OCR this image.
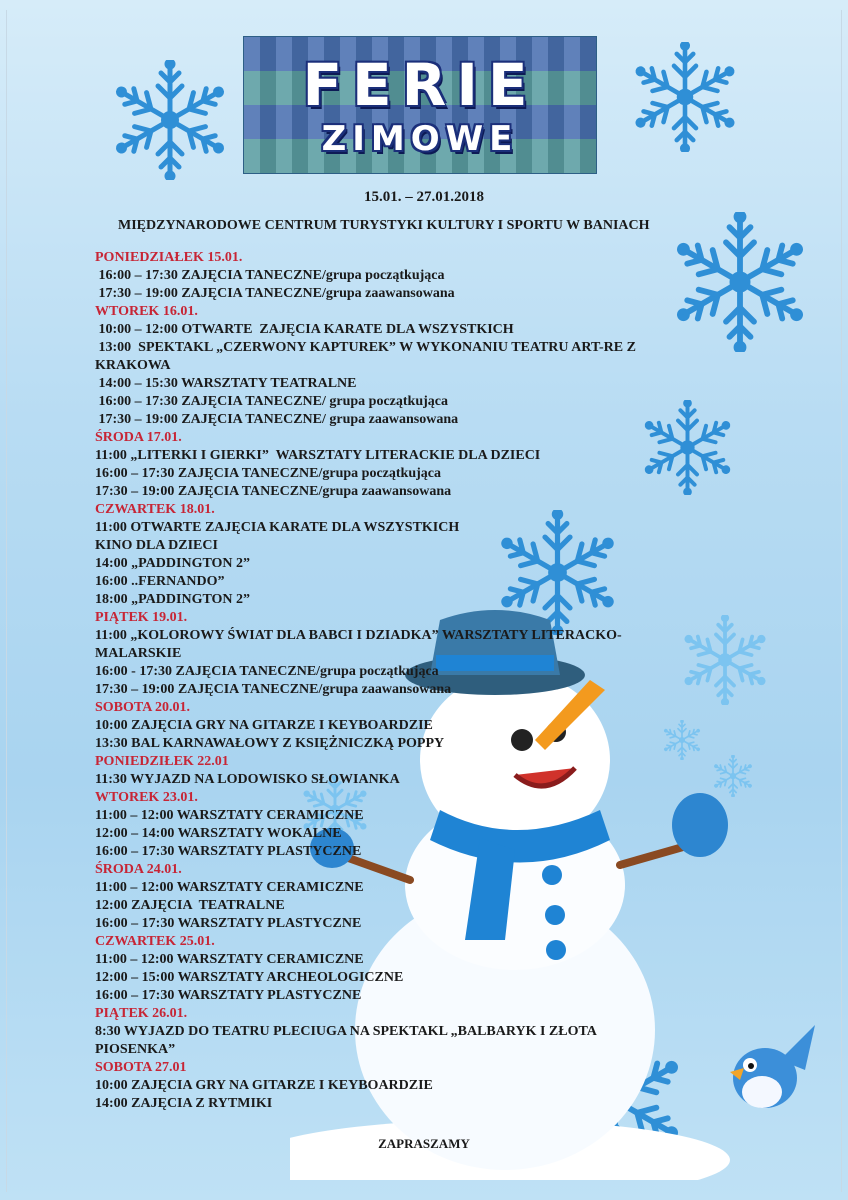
FERIE
ZIMOWE
15.01. – 27.01.2018
MIĘDZYNARODOWE CENTRUM TURYSTYKI KULTURY I SPORTU W BANIACH
PONIEDZIAŁEK 15.01.
16:00 – 17:30 ZAJĘCIA TANECZNE/grupa początkująca
17:30 – 19:00 ZAJĘCIA TANECZNE/grupa zaawansowana
WTOREK 16.01.
10:00 – 12:00 OTWARTE  ZAJĘCIA KARATE DLA WSZYSTKICH
13:00  SPEKTAKL „CZERWONY KAPTUREK” W WYKONANIU TEATRU ART-RE Z
KRAKOWA
14:00 – 15:30 WARSZTATY TEATRALNE
16:00 – 17:30 ZAJĘCIA TANECZNE/ grupa początkująca
17:30 – 19:00 ZAJĘCIA TANECZNE/ grupa zaawansowana
ŚRODA 17.01.
11:00 „LITERKI I GIERKI”  WARSZTATY LITERACKIE DLA DZIECI
16:00 – 17:30 ZAJĘCIA TANECZNE/grupa początkująca
17:30 – 19:00 ZAJĘCIA TANECZNE/grupa zaawansowana
CZWARTEK 18.01.
11:00 OTWARTE ZAJĘCIA KARATE DLA WSZYSTKICH
KINO DLA DZIECI
14:00 „PADDINGTON 2”
16:00 ..FERNANDO”
18:00 „PADDINGTON 2”
PIĄTEK 19.01.
11:00 „KOLOROWY ŚWIAT DLA BABCI I DZIADKA” WARSZTATY LITERACKO-
MALARSKIE
16:00 - 17:30 ZAJĘCIA TANECZNE/grupa początkująca
17:30 – 19:00 ZAJĘCIA TANECZNE/grupa zaawansowana
SOBOTA 20.01.
10:00 ZAJĘCIA GRY NA GITARZE I KEYBOARDZIE
13:30 BAL KARNAWAŁOWY Z KSIĘŻNICZKĄ POPPY
PONIEDZIŁEK 22.01
11:30 WYJAZD NA LODOWISKO SŁOWIANKA
WTOREK 23.01.
11:00 – 12:00 WARSZTATY CERAMICZNE
12:00 – 14:00 WARSZTATY WOKALNE
16:00 – 17:30 WARSZTATY PLASTYCZNE
ŚRODA 24.01.
11:00 – 12:00 WARSZTATY CERAMICZNE
12:00 ZAJĘCIA  TEATRALNE
16:00 – 17:30 WARSZTATY PLASTYCZNE
CZWARTEK 25.01.
11:00 – 12:00 WARSZTATY CERAMICZNE
12:00 – 15:00 WARSZTATY ARCHEOLOGICZNE
16:00 – 17:30 WARSZTATY PLASTYCZNE
PIĄTEK 26.01.
8:30 WYJAZD DO TEATRU PLECIUGA NA SPEKTAKL „BALBARYK I ZŁOTA
PIOSENKA”
SOBOTA 27.01
10:00 ZAJĘCIA GRY NA GITARZE I KEYBOARDZIE
14:00 ZAJĘCIA Z RYTMIKI
ZAPRASZAMY
